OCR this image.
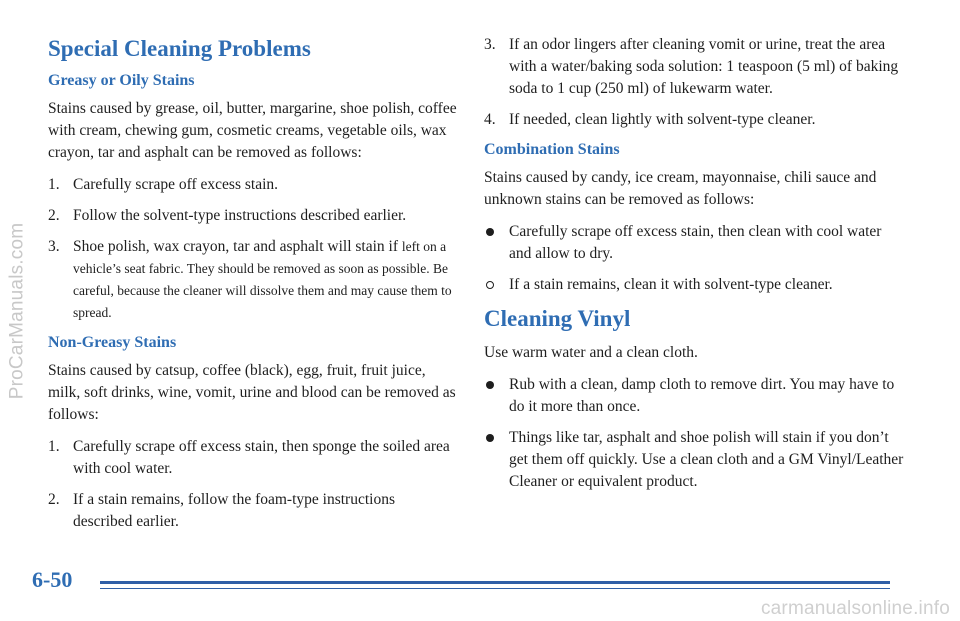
ProCarManuals.com
Special Cleaning Problems
Greasy or Oily Stains

Stains caused by grease, oil, butter, margarine, shoe polish, coffee with cream, chewing gum, cosmetic creams, vegetable oils, wax crayon, tar and asphalt can be removed as follows:

1. Carefully scrape off excess stain.
2. Follow the solvent-type instructions described earlier.
3. Shoe polish, wax crayon, tar and asphalt will stain if left on a vehicle’s seat fabric. They should be removed as soon as possible. Be careful, because the cleaner will dissolve them and may cause them to spread.
Non-Greasy Stains

Stains caused by catsup, coffee (black), egg, fruit, fruit juice, milk, soft drinks, wine, vomit, urine and blood can be removed as follows:

1. Carefully scrape off excess stain, then sponge the soiled area with cool water.
2. If a stain remains, follow the foam-type instructions described earlier.
3. If an odor lingers after cleaning vomit or urine, treat the area with a water/baking soda solution: 1 teaspoon (5 ml) of baking soda to 1 cup (250 ml) of lukewarm water.
4. If needed, clean lightly with solvent-type cleaner.
Combination Stains

Stains caused by candy, ice cream, mayonnaise, chili sauce and unknown stains can be removed as follows:

Carefully scrape off excess stain, then clean with cool water and allow to dry.
If a stain remains, clean it with solvent-type cleaner.
Cleaning Vinyl

Use warm water and a clean cloth.

Rub with a clean, damp cloth to remove dirt. You may have to do it more than once.
Things like tar, asphalt and shoe polish will stain if you don’t get them off quickly. Use a clean cloth and a GM Vinyl/Leather Cleaner or equivalent product.
6-50
carmanualsonline.info
